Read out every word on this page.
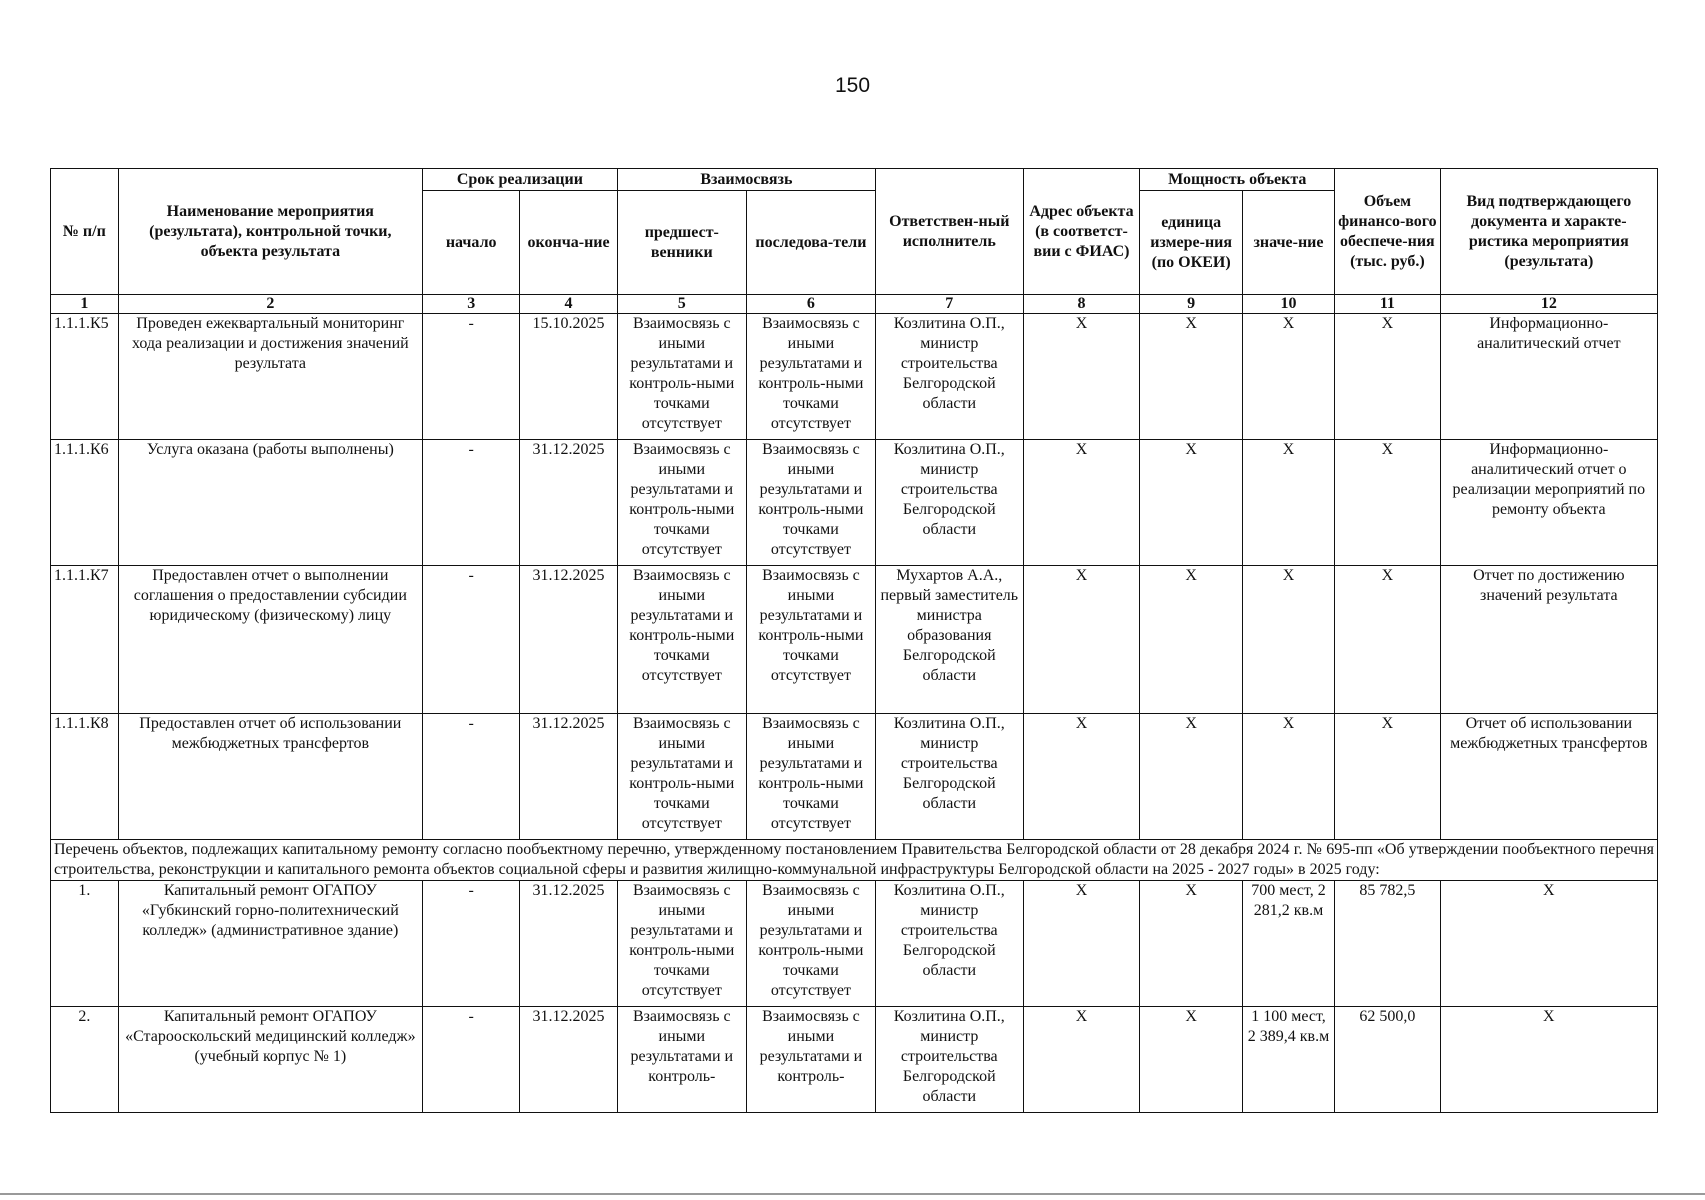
150
№ п/п	Наименование мероприятия (результата), контрольной точки, объекта результата	Срок реализации		Взаимосвязь		Ответствен-ный исполнитель	Адрес объекта (в соответст-вии с ФИАС)	Мощность объекта		Объем финансо-вого обеспече-ния (тыс. руб.)	Вид подтверждающего документа и характе-ристика мероприятия (результата)
		начало	оконча-ние	предшест-венники	последова-тели			единица измере-ния (по ОКЕИ)	значе-ние		
1	2	3	4	5	6	7	8	9	10	11	12
1.1.1.К5	Проведен ежеквартальный мониторинг хода реализации и достижения значений результата	-	15.10.2025	Взаимосвязь с иными результатами и контроль-ными точками отсутствует	Взаимосвязь с иными результатами и контроль-ными точками отсутствует	Козлитина О.П., министр строительства Белгородской области	X	X	X	X	Информационно-аналитический отчет
1.1.1.К6	Услуга оказана (работы выполнены)	-	31.12.2025	Взаимосвязь с иными результатами и контроль-ными точками отсутствует	Взаимосвязь с иными результатами и контроль-ными точками отсутствует	Козлитина О.П., министр строительства Белгородской области	X	X	X	X	Информационно-аналитический отчет о реализации мероприятий по ремонту объекта
1.1.1.К7	Предоставлен отчет о выполнении соглашения о предоставлении субсидии юридическому (физическому) лицу	-	31.12.2025	Взаимосвязь с иными результатами и контроль-ными точками отсутствует	Взаимосвязь с иными результатами и контроль-ными точками отсутствует	Мухартов А.А., первый заместитель министра образования Белгородской области	X	X	X	X	Отчет по достижению значений результата
1.1.1.К8	Предоставлен отчет об использовании межбюджетных трансфертов	-	31.12.2025	Взаимосвязь с иными результатами и контроль-ными точками отсутствует	Взаимосвязь с иными результатами и контроль-ными точками отсутствует	Козлитина О.П., министр строительства Белгородской области	X	X	X	X	Отчет об использовании межбюджетных трансфертов
Перечень объектов, подлежащих капитальному ремонту согласно пообъектному перечню, утвержденному постановлением Правительства Белгородской области от 28 декабря 2024 г. № 695-пп «Об утверждении пообъектного перечня строительства, реконструкции и капитального ремонта объектов социальной сферы и развития жилищно-коммунальной инфраструктуры Белгородской области на 2025 - 2027 годы» в 2025 году:											
1.	Капитальный ремонт ОГАПОУ «Губкинский горно-политехнический колледж» (административное здание)	-	31.12.2025	Взаимосвязь с иными результатами и контроль-ными точками отсутствует	Взаимосвязь с иными результатами и контроль-ными точками отсутствует	Козлитина О.П., министр строительства Белгородской области	X	X	700 мест, 2 281,2 кв.м	85 782,5	X
2.	Капитальный ремонт ОГАПОУ «Старооскольский медицинский колледж» (учебный корпус № 1)	-	31.12.2025	Взаимосвязь с иными результатами и контроль-	Взаимосвязь с иными результатами и контроль-	Козлитина О.П., министр строительства Белгородской области	X	X	1 100 мест, 2 389,4 кв.м	62 500,0	X
